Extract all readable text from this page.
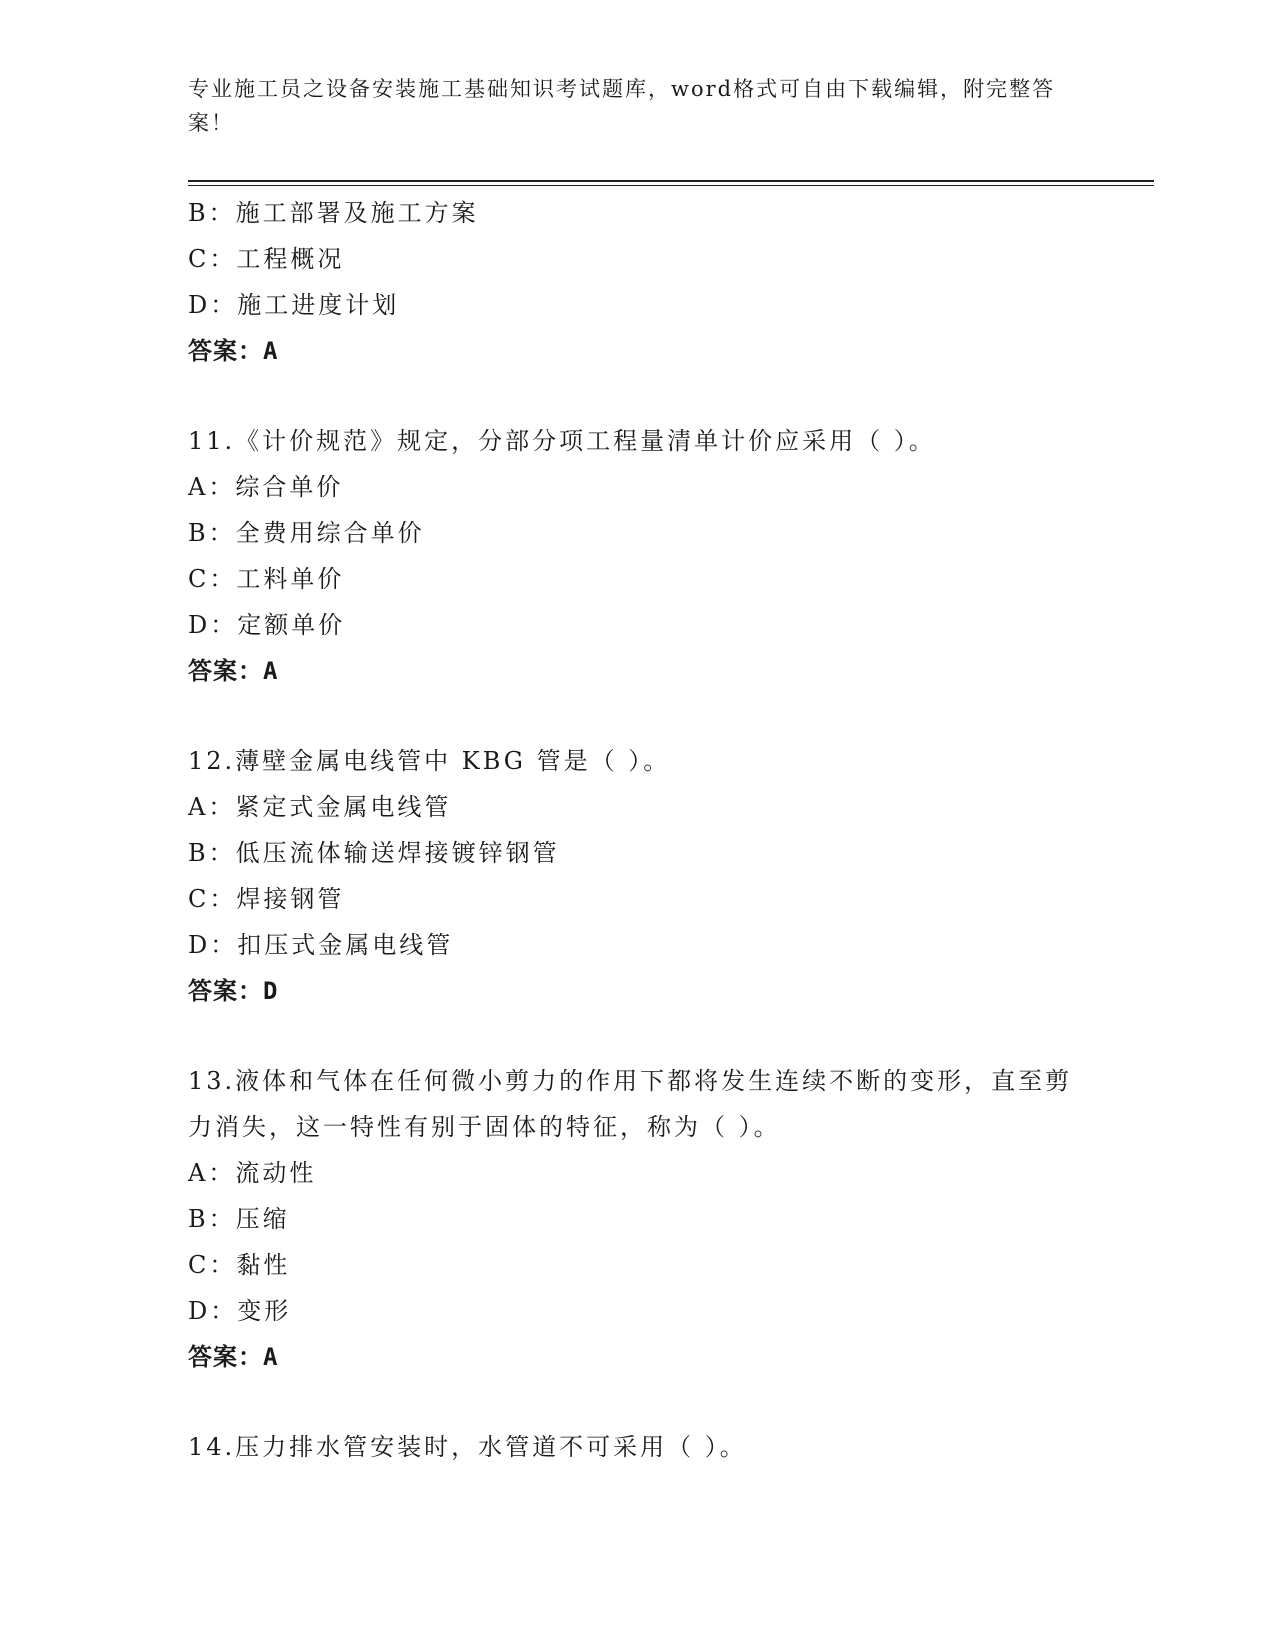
专业施工员之设备安装施工基础知识考试题库，word格式可自由下载编辑，附完整答案！
B：施工部署及施工方案
C：工程概况
D：施工进度计划
答案：A
11.《计价规范》规定，分部分项工程量清单计价应采用（ ）。
A：综合单价
B：全费用综合单价
C：工料单价
D：定额单价
答案：A
12.薄壁金属电线管中 KBG 管是（ ）。
A：紧定式金属电线管
B：低压流体输送焊接镀锌钢管
C：焊接钢管
D：扣压式金属电线管
答案：D
13.液体和气体在任何微小剪力的作用下都将发生连续不断的变形，直至剪力消失，这一特性有别于固体的特征，称为（ ）。
A：流动性
B：压缩
C：黏性
D：变形
答案：A
14.压力排水管安装时，水管道不可采用（ ）。
